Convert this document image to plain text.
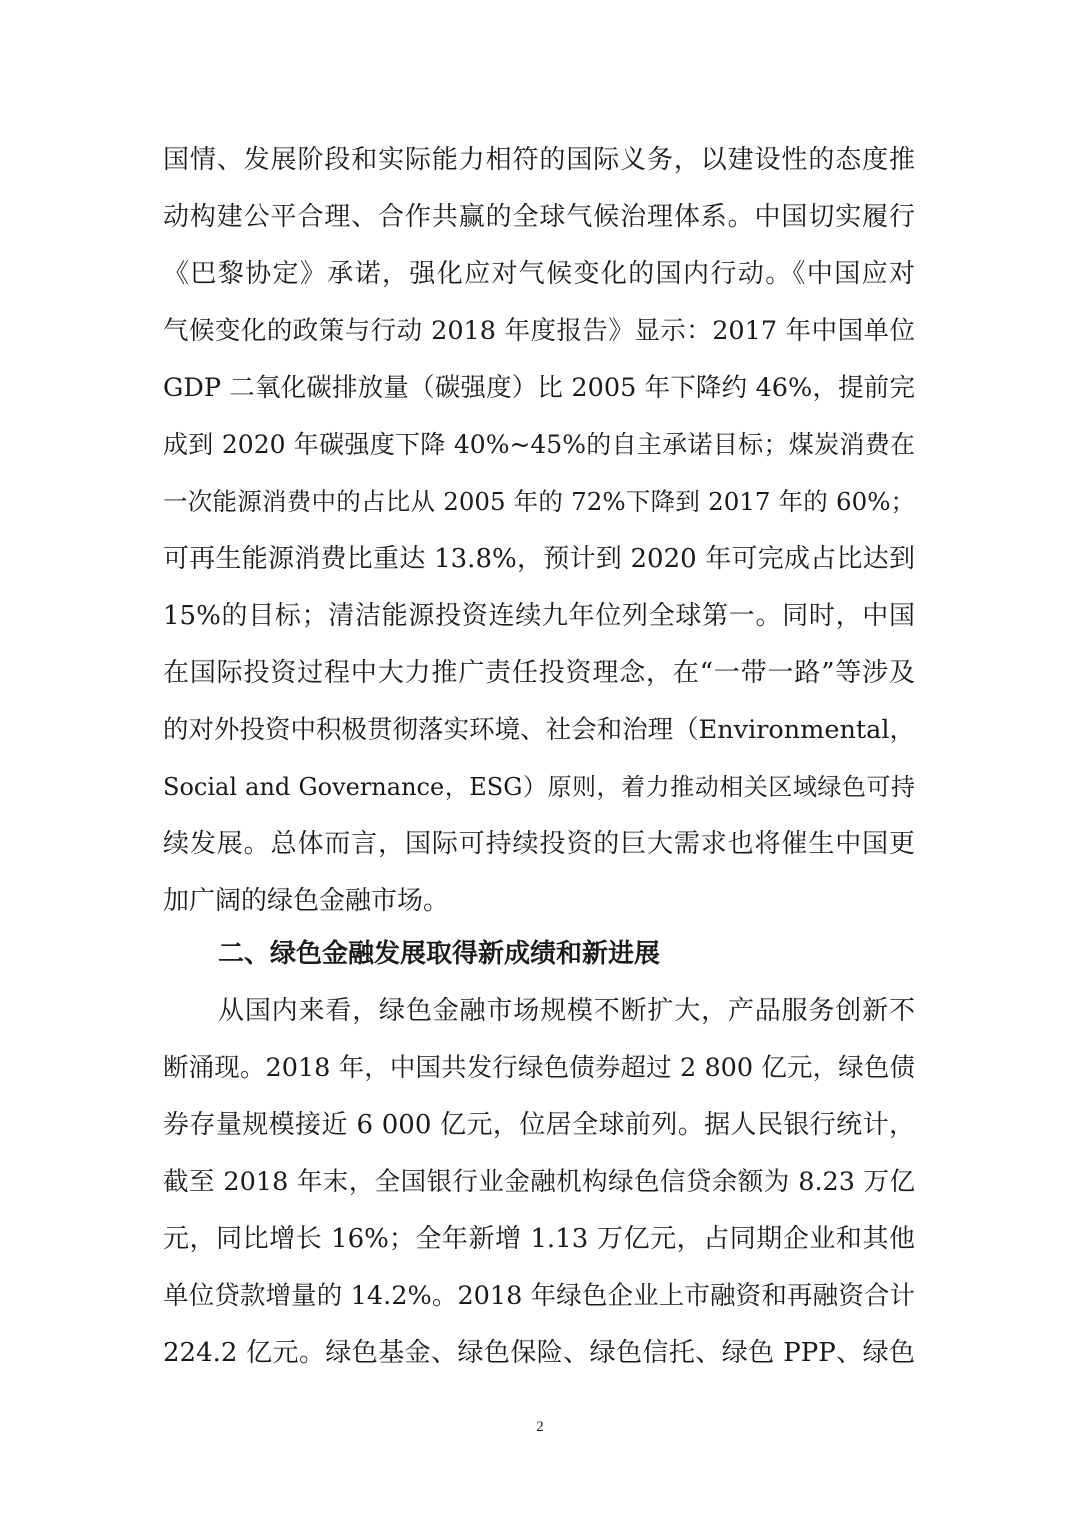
国情、发展阶段和实际能力相符的国际义务，以建设性的态度推
动构建公平合理、合作共赢的全球气候治理体系。中国切实履行
《巴黎协定》承诺，强化应对气候变化的国内行动。《中国应对
气候变化的政策与行动 2018 年度报告》显示：2017 年中国单位
GDP 二氧化碳排放量（碳强度）比 2005 年下降约 46%，提前完
成到 2020 年碳强度下降 40%~45%的自主承诺目标；煤炭消费在
一次能源消费中的占比从 2005 年的 72%下降到 2017 年的 60%；
可再生能源消费比重达 13.8%，预计到 2020 年可完成占比达到
15%的目标；清洁能源投资连续九年位列全球第一。同时，中国
在国际投资过程中大力推广责任投资理念，在“一带一路”等涉及
的对外投资中积极贯彻落实环境、社会和治理（Environmental，
Social and Governance，ESG）原则，着力推动相关区域绿色可持
续发展。总体而言，国际可持续投资的巨大需求也将催生中国更
加广阔的绿色金融市场。
二、绿色金融发展取得新成绩和新进展
从国内来看，绿色金融市场规模不断扩大，产品服务创新不
断涌现。2018 年，中国共发行绿色债券超过 2 800 亿元，绿色债
券存量规模接近 6 000 亿元，位居全球前列。据人民银行统计，
截至 2018 年末，全国银行业金融机构绿色信贷余额为 8.23 万亿
元，同比增长 16%；全年新增 1.13 万亿元，占同期企业和其他
单位贷款增量的 14.2%。2018 年绿色企业上市融资和再融资合计
224.2 亿元。绿色基金、绿色保险、绿色信托、绿色 PPP、绿色
2
